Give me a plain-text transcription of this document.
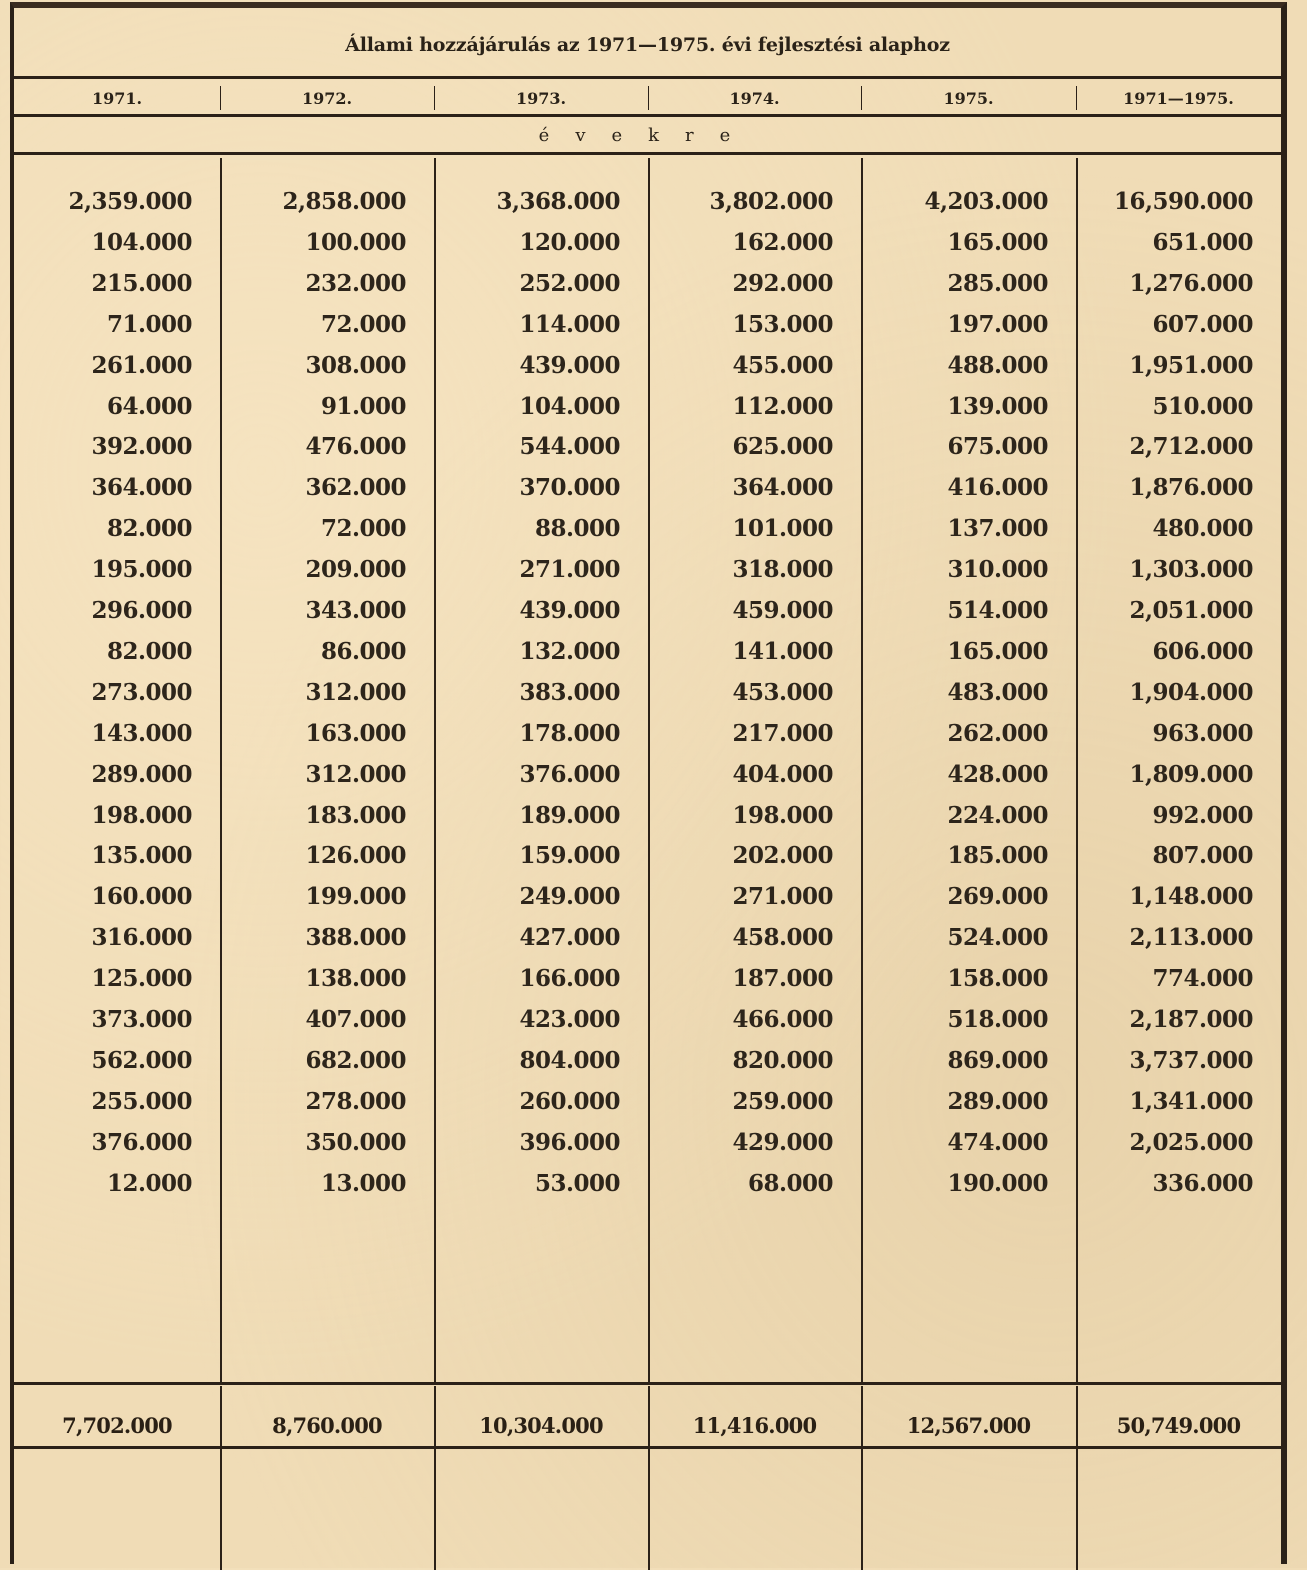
Állami hozzájárulás az 1971—1975. évi fejlesztési alaphoz
1971.	1972.	1973.	1974.	1975.	1971—1975.
évekre
2,359.000	2,858.000	3,368.000	3,802.000	4,203.000	16,590.000
104.000	100.000	120.000	162.000	165.000	651.000
215.000	232.000	252.000	292.000	285.000	1,276.000
71.000	72.000	114.000	153.000	197.000	607.000
261.000	308.000	439.000	455.000	488.000	1,951.000
64.000	91.000	104.000	112.000	139.000	510.000
392.000	476.000	544.000	625.000	675.000	2,712.000
364.000	362.000	370.000	364.000	416.000	1,876.000
82.000	72.000	88.000	101.000	137.000	480.000
195.000	209.000	271.000	318.000	310.000	1,303.000
296.000	343.000	439.000	459.000	514.000	2,051.000
82.000	86.000	132.000	141.000	165.000	606.000
273.000	312.000	383.000	453.000	483.000	1,904.000
143.000	163.000	178.000	217.000	262.000	963.000
289.000	312.000	376.000	404.000	428.000	1,809.000
198.000	183.000	189.000	198.000	224.000	992.000
135.000	126.000	159.000	202.000	185.000	807.000
160.000	199.000	249.000	271.000	269.000	1,148.000
316.000	388.000	427.000	458.000	524.000	2,113.000
125.000	138.000	166.000	187.000	158.000	774.000
373.000	407.000	423.000	466.000	518.000	2,187.000
562.000	682.000	804.000	820.000	869.000	3,737.000
255.000	278.000	260.000	259.000	289.000	1,341.000
376.000	350.000	396.000	429.000	474.000	2,025.000
12.000	13.000	53.000	68.000	190.000	336.000
7,702.000	8,760.000	10,304.000	11,416.000	12,567.000	50,749.000
